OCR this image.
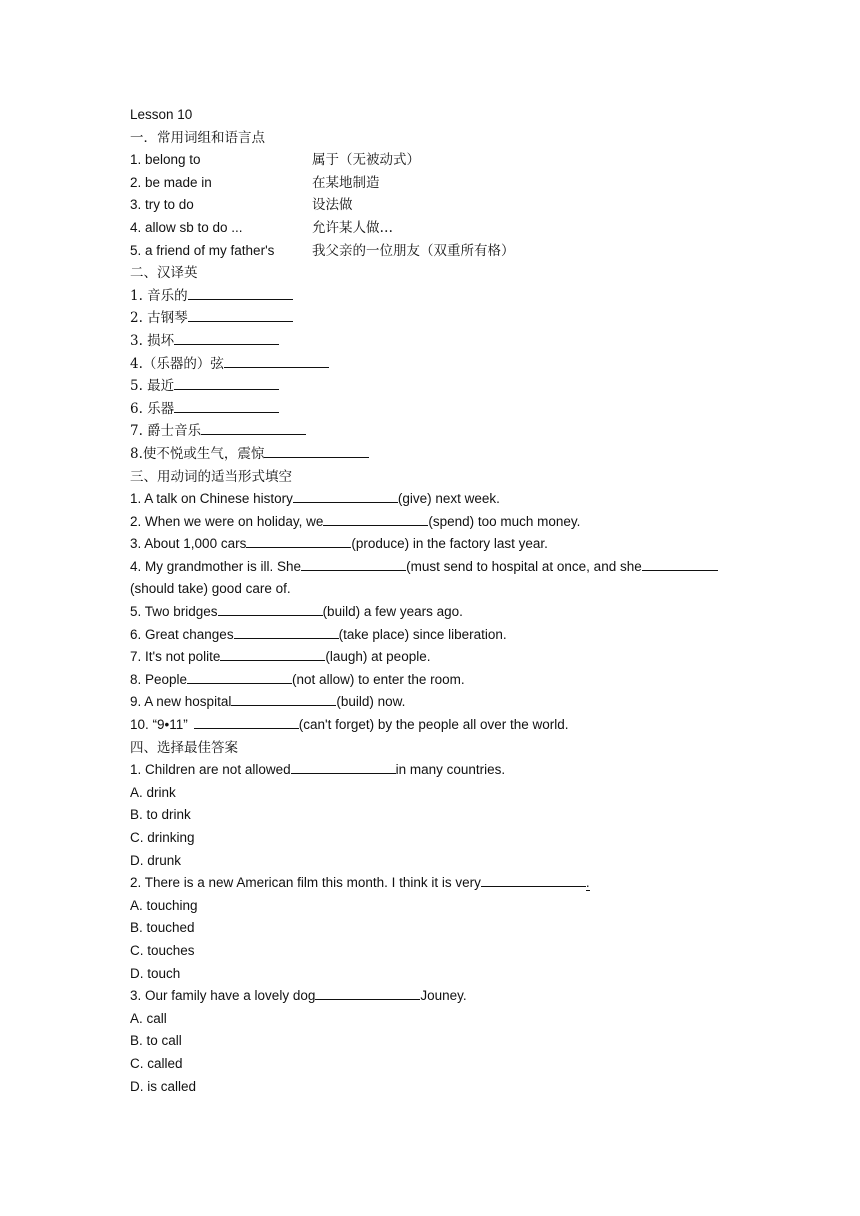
Lesson 10
一．常用词组和语言点
1. belong to	属于（无被动式）
2. be made in	在某地制造
3. try to do	设法做
4. allow sb to do ...	允许某人做…
5. a friend of my father's	我父亲的一位朋友（双重所有格）
二、汉译英
1. 音乐的
2. 古钢琴
3. 损坏
4.（乐器的）弦
5. 最近
6. 乐器
7. 爵士音乐
8.使不悦或生气，震惊
三、用动词的适当形式填空
1. A talk on Chinese history	(give) next week.
2. When we were on holiday, we	(spend) too much money.
3. About 1,000 cars	(produce) in the factory last year.
4. My grandmother is ill. She	(must send to hospital at once, and she
(should take) good care of.
5. Two bridges	(build) a few years ago.
6. Great changes	(take place) since liberation.
7. It's not polite	(laugh) at people.
8. People	(not allow) to enter the room.
9. A new hospital	(build) now.
10. “9•11”	(can't forget) by the people all over the world.
四、选择最佳答案
1. Children are not allowed	in many countries.
A. drink
B. to drink
C. drinking
D. drunk
2. There is a new American film this month. I think it is very	.
A. touching
B. touched
C. touches
D. touch
3. Our family have a lovely dog	Jouney.
A. call
B. to call
C. called
D. is called
